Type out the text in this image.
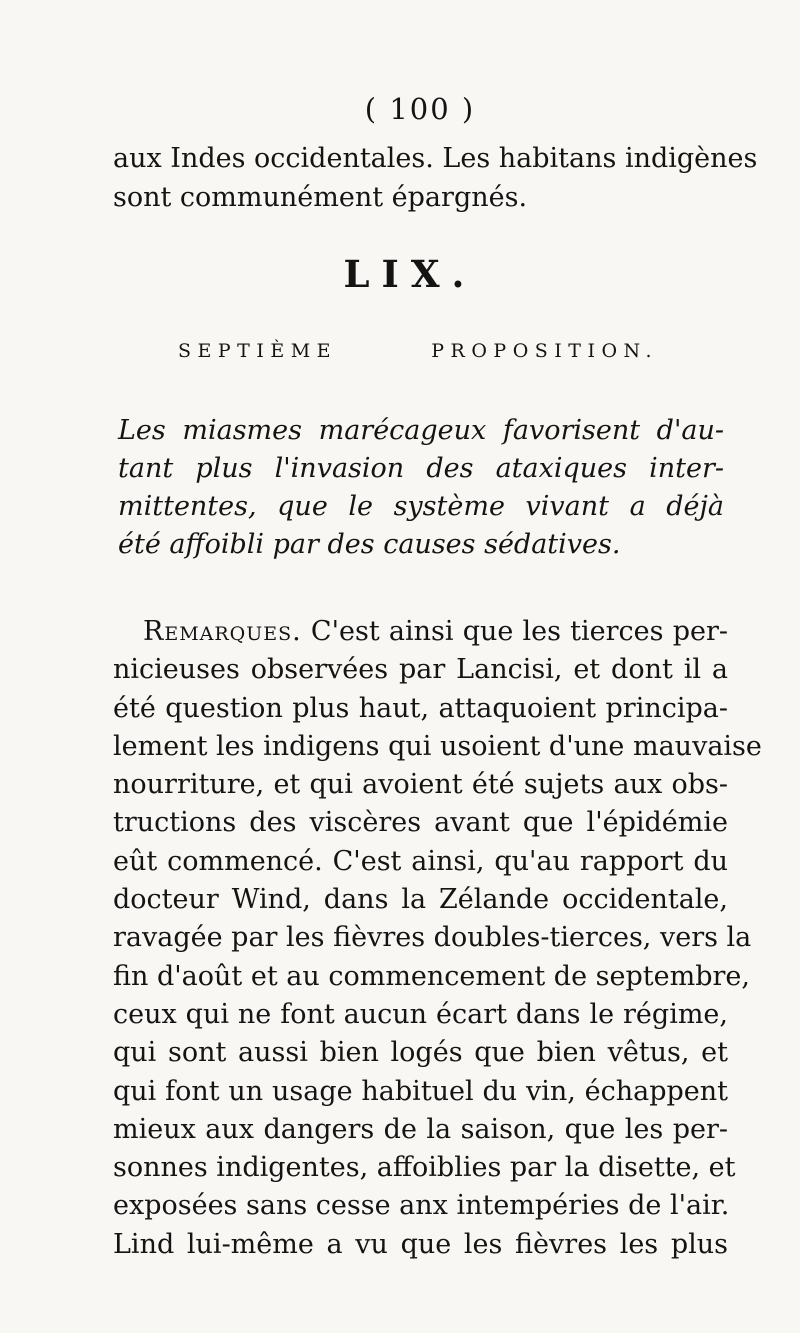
( 100 )
aux Indes occidentales. Les habitans indigènes
sont communément épargnés.
LIX.
SEPTIÈME PROPOSITION.
Les miasmes marécageux favorisent d'au-
tant plus l'invasion des ataxiques inter-
mittentes, que le système vivant a déjà
été affoibli par des causes sédatives.
Remarques. C'est ainsi que les tierces per-
nicieuses observées par Lancisi, et dont il a
été question plus haut, attaquoient principa-
lement les indigens qui usoient d'une mauvaise
nourriture, et qui avoient été sujets aux obs-
tructions des viscères avant que l'épidémie
eût commencé. C'est ainsi, qu'au rapport du
docteur Wind, dans la Zélande occidentale,
ravagée par les fièvres doubles-tierces, vers la
fin d'août et au commencement de septembre,
ceux qui ne font aucun écart dans le régime,
qui sont aussi bien logés que bien vêtus, et
qui font un usage habituel du vin, échappent
mieux aux dangers de la saison, que les per-
sonnes indigentes, affoiblies par la disette, et
exposées sans cesse anx intempéries de l'air.
Lind lui-même a vu que les fièvres les plus
